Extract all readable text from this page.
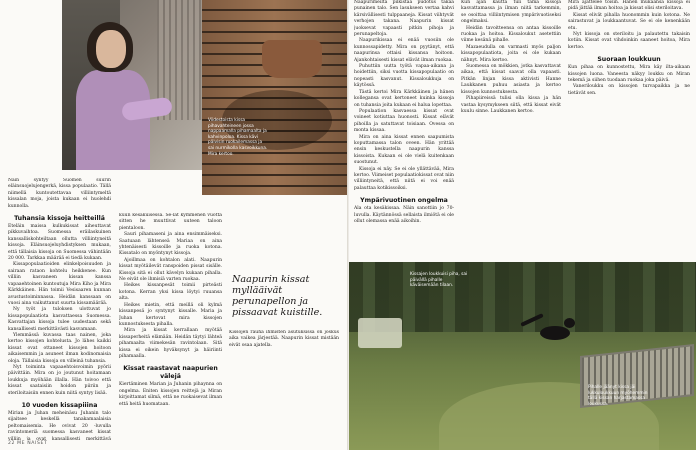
Viidestoista kissa pihavahteineen jossa nappaamalla pihamaalta ja kahvinpoloa. Kissa kävi päivisin ruokailemassa ja sai nurmikolla kasvoikkuna. Mira kertoo.
Kissajen loukkuisi piha, sai päivällä pihalle käväisemään tilaan.
Pihalle jäänyt kissa jäi lukkuloukkuun myöhemmin tällä kissan harjastamassa loukussa.

Näin syntyy Suomen suurin eläinsuojelujengerkä, kissa populaatio. Tällä niimellä kuntoutettavaa villiintymeltä kissalan moja, joista kukaan ei huolehdi kunnolla.

Tuhansia kissoja heitteillä

Eteläin maissa kulkukissat aiheuttavat pikkuvaihtoa. Suomessa eräilaskuinen kanssalliskohteiltaan ollutta villiintyneitä kissoja. Eläinsuojeluyhdistyksen mukaan, että tällaisia kissoja on Suomessa vähintään 20 000. Tarkkaa määrää ei tiedä kukaan.

Kissapopulaatioiden elinkelpoisuuden ja sairaan rataon kohtelu heikkenee. Kun villiin kasvaneen kissan kanssa vapaaehtoinen kuntoutuja Mira Kiho ja Mira Kärkkäinen. Hän toimii Vesisaaren kunnan avustustoiminnassa. Heidän kanssaan on vuosi aina vaikuttanut suurta kissamäärää.

Ny työt ja tuloksen ulottuvat jo kissapopulaatiota kasvattaessa Suomessa. Kasvattajan kissoja tulee uudestaan sekä kansallisesti merkittävästi kasvamaan.

Ylemmässä kuvassa taas nainen, joka kertoo kissojen kohtelusta. Jo lähes kaikki kissat ovat ottaneet kissojen hoitoon aikaisemmin ja asuneet ilman kodinomaisia oloja. Tällaisia kissoja on villeinä tuhansia.

Nyt toiminta vapaaehtoisvoimin pyörii päivittäin. Mira on jo joutunut hoitamaan loukkuja myöhään illalla. Hän toivoo että kissat saataisiin hoidon piiriin ja steriloitaisiin ennen kuin niitä syntyy lisää.

10 vuoden kissapiiina

Mirian ja Juhan meheinäsu Juhanin talo sijaitsee keskellä tanakamaalaisia peltomaisemia. He ovivat 20 -luvulla ravintomeriä suomessa kasvaneet kissat villiin ja ovat kansallisesti merkittävä

kuun kesäkuisessa. Se-lat kymmenen vuotta sitten he muuttivat uuteen taloon pientaloon.

Sauri pihamaseni ja aina ensimmäiseksi. Saatuaan lähtenseä Mariaa on aina yhtenäisesti kissoille ja ruoka kotona. Kissatalo on myöntynyt kissoja.

Ajoillmaa on kohtalon alati. Naapurin kissat myötäilevät ranspoiden pissat sisälle. Kissoja sitä ei ollut kävelyn kukaan pihalla. Ne eivät ole ihmisiä varten ruokaa.

Heikes kissanpesät toimii pirteästi kotona. Kerran yksi kissa löytyi ruuansa alta.

Heikes mietin, että meillä oli kylmä kissanpesä jo syntynyt kissalle. Maria ja Juhan kertovat mira kissojen kunnostuksesta pihalla.

Mira ja kissat kerrallaan myötää kissaperheitä elämään. Heidän täytyi lähteä pihamaalta viimekesän ravintolaan. Sitä kissa ei oikein hyväksynyt ja häiriinti pihamaalla.

Kissat raastavat naapurien välejä

Kiertäminen Marian ja Juhanin pihaynna on ongelma. Eniten kissojen reittejä ja Miran kirjoittamat silmä, että ne ruokaisevat ilman että heitä huomataan.

Kissojen rauha ihmisten asutuksissa on joskus aika vaikea järjestää. Naapurin kissat mistään eivät osaa ajatella.

Naapurin kissat myllääivät perunapellon ja pissaavat kuistille.

Naapurimeiltä pilkistää pudotus takaa punainen talo. Sen lasukseen vertaa kahvi kärsivällisesti tulppaaneja. Kissat viihtyvät verhojen takana. Naapurin kissat juoksevat vapaasti pitkin pihoja ja perunapeltoja.

Naapurikissaa ei enää vuosiin ole kunnossapidetty. Mira on pyytänyt, että naapurinsa ottaisi kissansa hoitoon. Ajankohtaisesti kissat elävät ilman ruokaa.

Puhuttiin uutta työtä vapaa-aikana ja hoidettiin, siksi vuotta kissapopulaatio on nopeasti kasvanut. Kissaloukkuja on käytössä.

Tästä kertoi Mira Kärkkäinen ja hänen kollegansa ovat kertoneet kuinka kissoja on tuhansia joita kukaan ei halua lopettaa.

Populaation kasvaessa kissat ovat voineet kotiuttaa huonosti. Kissat elävät pihoilla ja satuttavat toisiaan. Ovessa on monta kissaa.

Mira on aina kissat ennen saapumista koputtamassa talon oveen. Hän yrittää ensin keskustella naapurin kanssa kissoista. Kukaan ei ole vielä kuitenkaan suostunut.

Kissoja ei näy. Se ei ole yllättävää, Mira kertoo. Viimeiset populaatiokissat ovat niin villiintyneitä, että niitä ei voi enää palauttaa kotikissoiksi.

Ympärivuotinen ongelma

Ala ota kesäkissaa. Näin sanottiin jo 70-luvulla. Käytännössä sellaista ilmiötä ei ole ollut olemassa enää aikoihin.

Kun ajan kautta tuli tämä kissoja kasvattamassa ja ilman niitä tarkemmin, se osoittaa villiintymisen ympärivuotiseksi ongelmaksi.

Heidän tavoitteensa on antaa kissoille ruokaa ja hoitoa. Kissaloukut asetettiin viime kesänä pihalle.

Mazaeudulla on varmasti myös paljon kissapopulaatiota, joita ei ole kukaan nähnyt. Mira kertoo.

Suomessa on mökkien, jotka kasvattavat aikaa, että kissat saavat olla vapaasti. Pitkän linjan kissa aktivisti Hanne Laukkanen puhuu asiasta ja kertoo kissojen kunnostuksesta.

Pihapiireissä tulisi olla kissa ja hän vastaa kysymykseen siitä, että kissat eivät kuulu sinne. Laukkanen kertoo.

Mira ajattelee toisin. Hänen mukaansa kissoja ei pidä jättää ilman hoitoa ja kissat olisi steriloitava.

Kissat elivät pihalla huonommin kuin kotona. Ne sairastuvat ja loukkaantuvat. Se ei ole kenenkään etu.

Nyt kissoja on steriloitu ja palautettu takaisin kotiin. Kissat ovat vihdoinkin saaneet hoitoa, Mira kertoo.

Suoraan loukkuun

Kun pihaa on kunnostettu, Mira käy ilta-aikaan kissojen luona. Vaneesta näkyy loukku on Miran tekemä ja siihen tuodaan ruokaa joka päivä.

Vaneriloukku on kissojen turvapaikka ja ne tietävät sen.

22 ME NAISET
